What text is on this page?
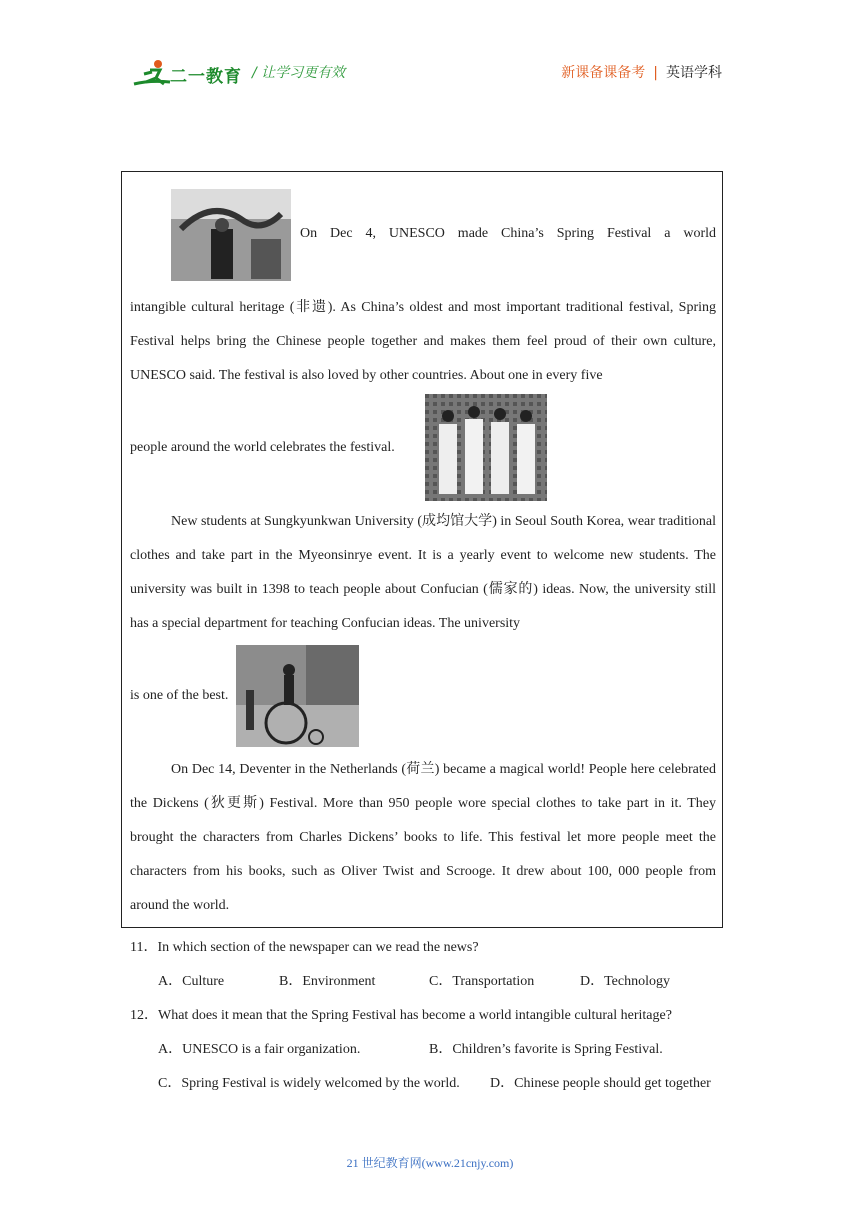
二一教育 / 让学习更有效	新课备课备考 | 英语学科
On Dec 4, UNESCO made China’s Spring Festival a world

intangible cultural heritage (非遗). As China’s oldest and most important traditional festival, Spring Festival helps bring the Chinese people together and makes them feel proud of their own culture, UNESCO said. The festival is also loved by other countries. About one in every five

people around the world celebrates the festival.

New students at Sungkyunkwan University (成均馆大学) in Seoul South Korea, wear traditional clothes and take part in the Myeonsinrye event. It is a yearly event to welcome new students. The university was built in 1398 to teach people about Confucian (儒家的) ideas. Now, the university still has a special department for teaching Confucian ideas. The university

is one of the best.

On Dec 14, Deventer in the Netherlands (荷兰) became a magical world! People here celebrated the Dickens (狄更斯) Festival. More than 950 people wore special clothes to take part in it. They brought the characters from Charles Dickens’ books to life. This festival let more people meet the characters from his books, such as Oliver Twist and Scrooge. It drew about 100, 000 people from around the world.

11．In which section of the newspaper can we read the news?
A．Culture	B．Environment	C．Transportation	D．Technology
12．What does it mean that the Spring Festival has become a world intangible cultural heritage?
A．UNESCO is a fair organization.	B．Children’s favorite is Spring Festival.
C．Spring Festival is widely welcomed by the world. D．Chinese people should get together
21 世纪教育网(www.21cnjy.com)
